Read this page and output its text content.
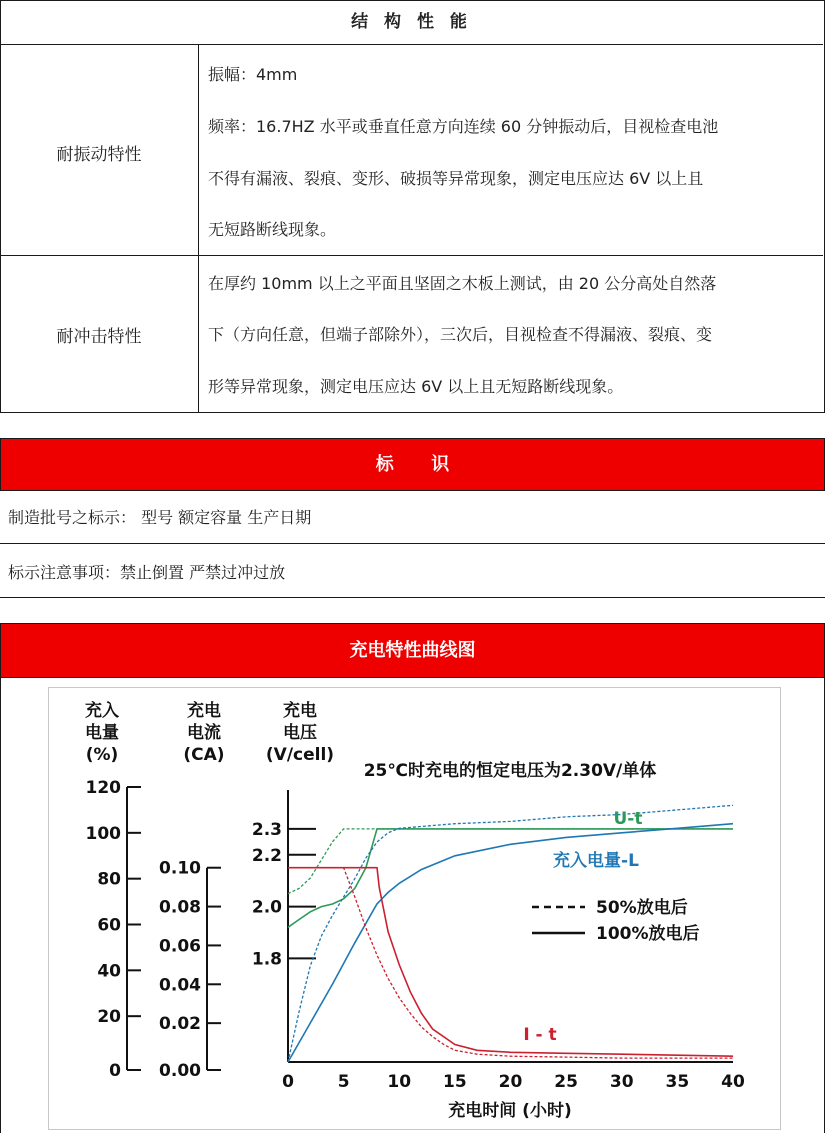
结 构 性 能
耐振动特性
振幅：4mm
频率：16.7HZ 水平或垂直任意方向连续 60 分钟振动后，目视检查电池
不得有漏液、裂痕、变形、破损等异常现象，测定电压应达 6V 以上且
无短路断线现象。
耐冲击特性
在厚约 10mm 以上之平面且坚固之木板上测试，由 20 公分高处自然落
下（方向任意，但端子部除外），三次后，目视检查不得漏液、裂痕、变
形等异常现象，测定电压应达 6V 以上且无短路断线现象。
标      识
制造批号之标示： 型号 额定容量 生产日期
标示注意事项：禁止倒置 严禁过冲过放
充电特性曲线图
120
100
80
60
40
20
0
充入
电量
(%)
0.10
0.08
0.06
0.04
0.02
0.00
充电
电流
(CA)
2.3
2.2
2.0
1.8
充电
电压
(V/cell)
0	5 10 15 20 25 30 35 40
充电时间 (小时)
25℃时充电的恒定电压为2.30V/单体
U-t
充入电量-L
I - t
50%放电后
100%放电后
